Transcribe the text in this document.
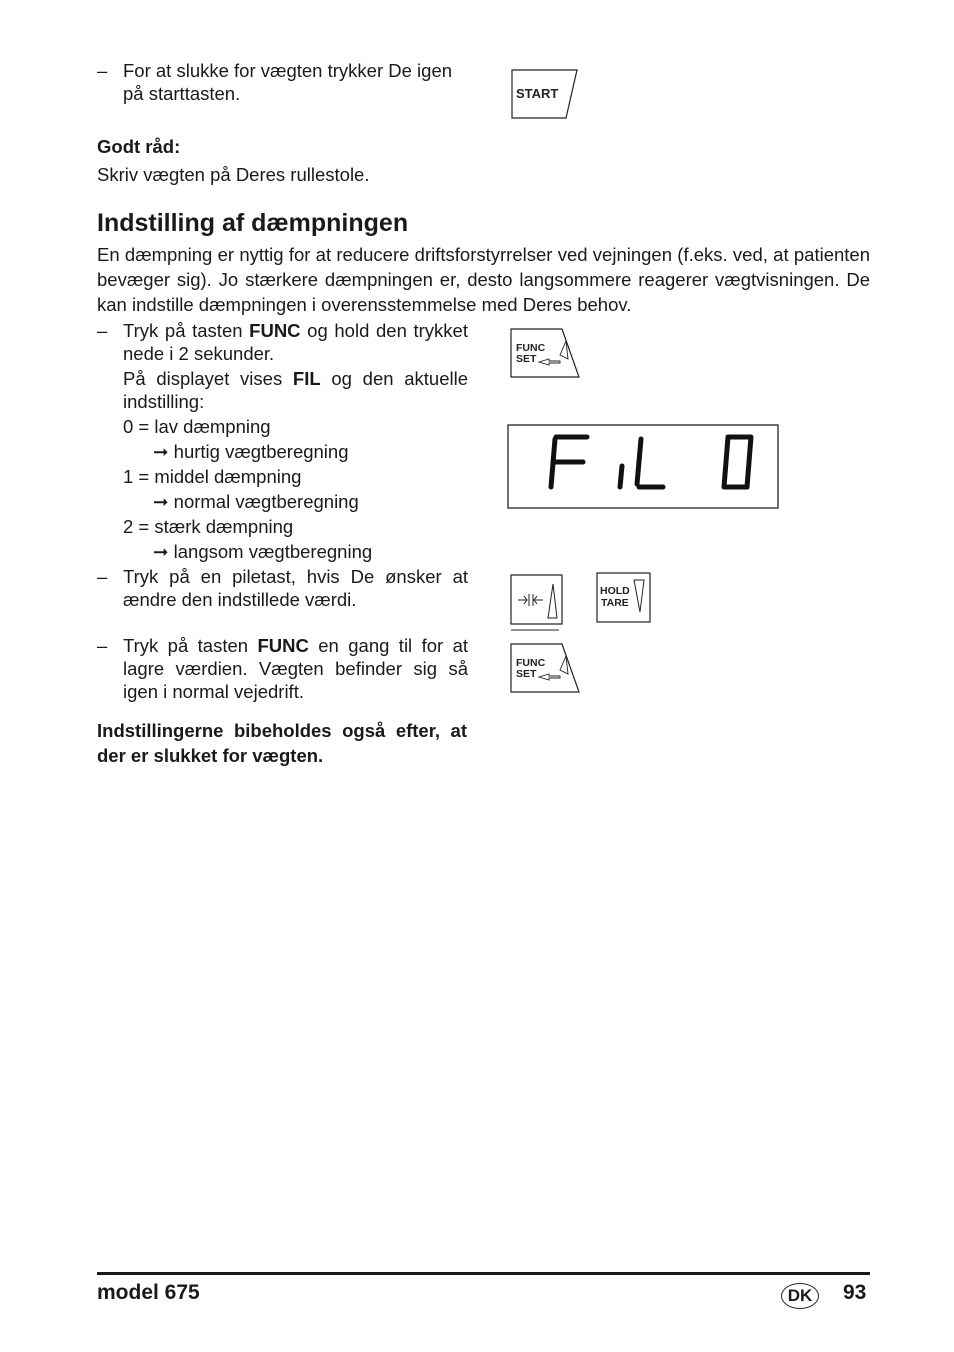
– For at slukke for vægten trykker De igen på starttasten.	START
Godt råd:
Skriv vægten på Deres rullestole.
Indstilling af dæmpningen
En dæmpning er nyttig for at reducere driftsforstyrrelser ved vejningen (f.eks. ved, at patienten bevæger sig). Jo stærkere dæmpningen er, desto langsommere reagerer vægtvisningen. De kan indstille dæmpningen i overensstemmelse med Deres behov.
– Tryk på tasten FUNC og hold den trykket nede i 2 sekunder.
På displayet vises FIL og den aktuelle indstilling:
0 = lav dæmpning
➞ hurtig vægtberegning
1 = middel dæmpning
➞ normal vægtberegning
2 = stærk dæmpning
➞ langsom vægtberegning
– Tryk på en piletast, hvis De ønsker at ændre den indstillede værdi.
– Tryk på tasten FUNC en gang til for at lagre værdien. Vægten befinder sig så igen i normal vejedrift.
Indstillingerne bibeholdes også efter, at der er slukket for vægten.
FUNC
SET
HOLD
TARE
FUNC
SET
model 675	DK	93
